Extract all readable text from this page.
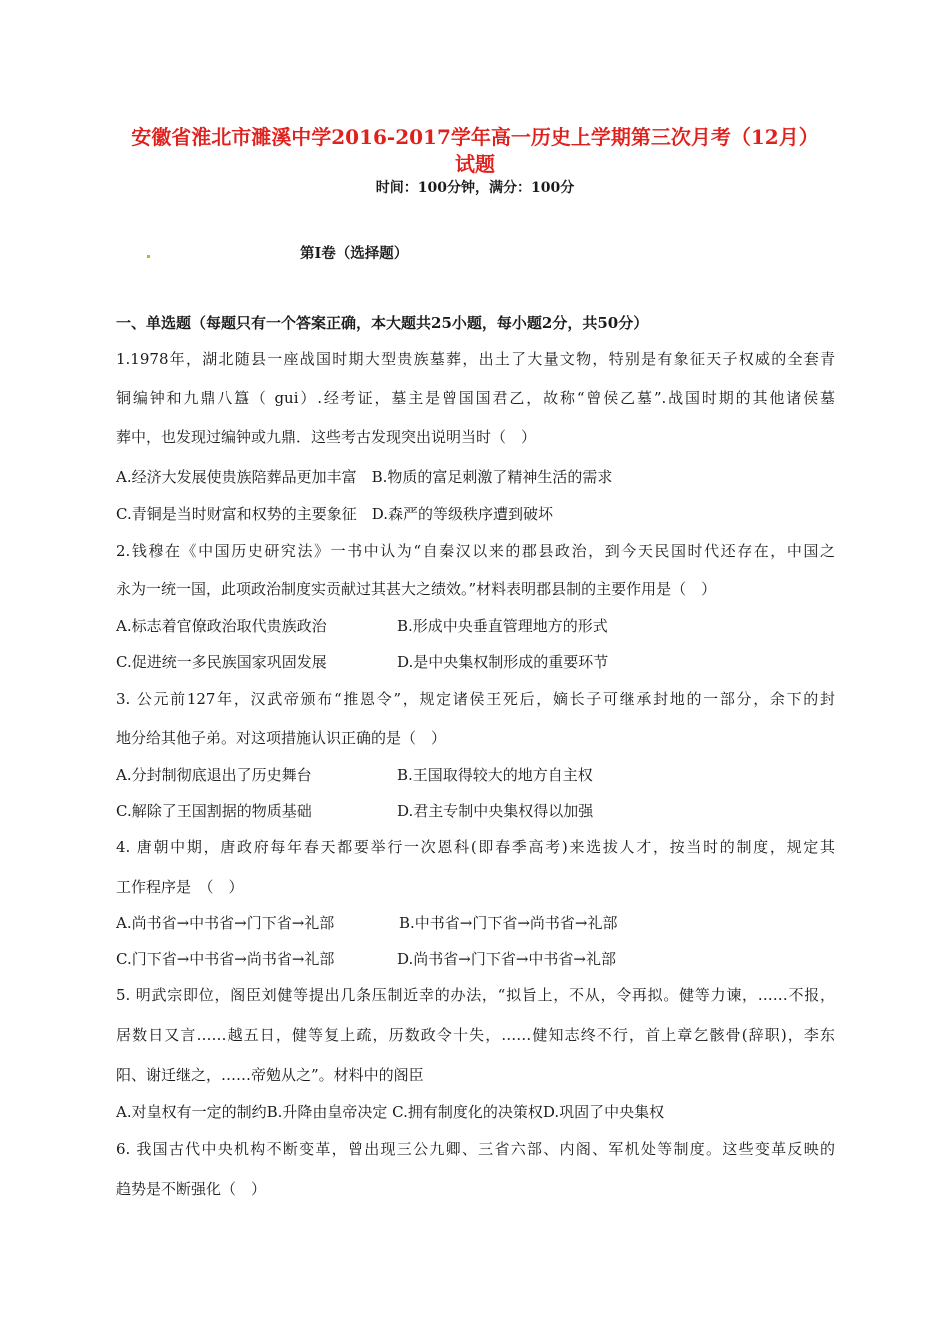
安徽省淮北市濉溪中学2016-2017学年高一历史上学期第三次月考（12月）
试题
时间：100分钟，满分：100分
第Ⅰ卷（选择题）
一、单选题（每题只有一个答案正确，本大题共25小题，每小题2分，共50分）
1.1978年，湖北随县一座战国时期大型贵族墓葬，出土了大量文物，特别是有象征天子权威的全套青
铜编钟和九鼎八簋（ gui）.经考证，墓主是曾国国君乙，故称“曾侯乙墓”.战国时期的其他诸侯墓
葬中，也发现过编钟或九鼎．这些考古发现突出说明当时（　）
A.经济大发展使贵族陪葬品更加丰富　B.物质的富足刺激了精神生活的需求
C.青铜是当时财富和权势的主要象征　D.森严的等级秩序遭到破坏
2.钱穆在《中国历史研究法》一书中认为“自秦汉以来的郡县政治，到今天民国时代还存在，中国之
永为一统一国，此项政治制度实贡献过其甚大之绩效。”材料表明郡县制的主要作用是（　）
A.标志着官僚政治取代贵族政治	B.形成中央垂直管理地方的形式
C.促进统一多民族国家巩固发展	D.是中央集权制形成的重要环节
3. 公元前127年，汉武帝颁布“推恩令”，规定诸侯王死后，嫡长子可继承封地的一部分，余下的封
地分给其他子弟。对这项措施认识正确的是（　）
A.分封制彻底退出了历史舞台	B.王国取得较大的地方自主权
C.解除了王国割据的物质基础	D.君主专制中央集权得以加强
4. 唐朝中期，唐政府每年春天都要举行一次恩科(即春季高考)来选拔人才，按当时的制度，规定其
工作程序是　（　）
A.尚书省→中书省→门下省→礼部	B.中书省→门下省→尚书省→礼部
C.门下省→中书省→尚书省→礼部	D.尚书省→门下省→中书省→礼部
5. 明武宗即位，阁臣刘健等提出几条压制近幸的办法，“拟旨上，不从，令再拟。健等力谏，……不报，
居数日又言……越五日，健等复上疏，历数政令十失，……健知志终不行，首上章乞骸骨(辞职)，李东
阳、谢迁继之，……帝勉从之”。材料中的阁臣
A.对皇权有一定的制约B.升降由皇帝决定 C.拥有制度化的决策权D.巩固了中央集权
6. 我国古代中央机构不断变革，曾出现三公九卿、三省六部、内阁、军机处等制度。这些变革反映的
趋势是不断强化（　）
